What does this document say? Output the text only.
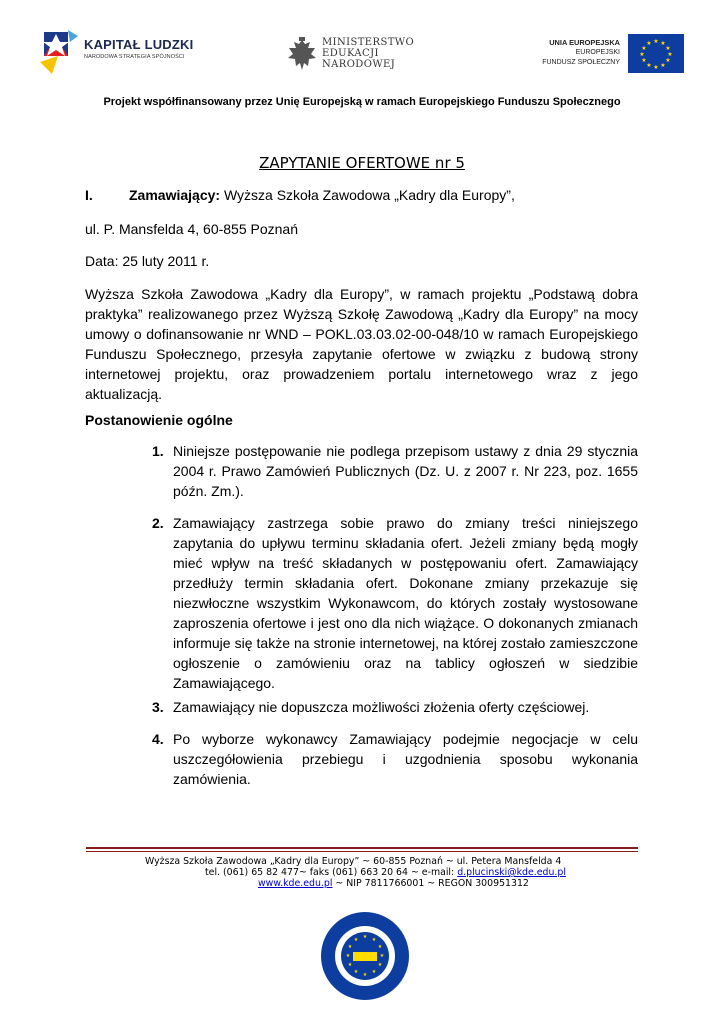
KAPITAŁ LUDZKI
NARODOWA STRATEGIA SPÓJNOŚCI
MINISTERSTWO
EDUKACJI
NARODOWEJ
UNIA EUROPEJSKA
EUROPEJSKI
FUNDUSZ SPOŁECZNY
★ ★
★
★
★
★
★
★
★
★
★
★
Projekt współfinansowany przez Unię Europejską w ramach Europejskiego Funduszu Społecznego
ZAPYTANIE OFERTOWE nr 5
I.	Zamawiający: Wyższa Szkoła Zawodowa „Kadry dla Europy”,
ul. P. Mansfelda 4, 60-855 Poznań
Data: 25 luty 2011 r.
Wyższa Szkoła Zawodowa „Kadry dla Europy”, w ramach projektu „Podstawą dobra praktyka” realizowanego przez Wyższą Szkołę Zawodową „Kadry dla Europy” na mocy umowy o dofinansowanie nr WND – POKL.03.03.02-00-048/10 w ramach Europejskiego Funduszu Społecznego, przesyła zapytanie ofertowe w związku z budową strony internetowej projektu, oraz prowadzeniem portalu internetowego wraz z jego aktualizacją.
Postanowienie ogólne
1. Niniejsze postępowanie nie podlega przepisom ustawy z dnia 29 stycznia 2004 r. Prawo Zamówień Publicznych (Dz. U. z 2007 r. Nr 223, poz. 1655 późn. Zm.).
2. Zamawiający zastrzega sobie prawo do zmiany treści niniejszego zapytania do upływu terminu składania ofert. Jeżeli zmiany będą mogły mieć wpływ na treść składanych w postępowaniu ofert. Zamawiający przedłuży termin składania ofert. Dokonane zmiany przekazuje się niezwłoczne wszystkim Wykonawcom, do których zostały wystosowane zaproszenia ofertowe i jest ono dla nich wiążące. O dokonanych zmianach informuje się także na stronie internetowej, na której zostało zamieszczone ogłoszenie o zamówieniu oraz na tablicy ogłoszeń w siedzibie Zamawiającego.
3. Zamawiający nie dopuszcza możliwości złożenia oferty częściowej.
4. Po wyborze wykonawcy Zamawiający podejmie negocjacje w celu uszczegółowienia przebiegu i uzgodnienia sposobu wykonania zamówienia.
Wyższa Szkoła Zawodowa „Kadry dla Europy” ~ 60-855 Poznań ~ ul. Petera Mansfelda 4
tel. (061) 65 82 477~ faks (061) 663 20 64 ~ e-mail: d.plucinski@kde.edu.pl
www.kde.edu.pl ~ NIP 7811766001 ~ REGON 300951312
★ ★
★
★
★
★
★
★
★
★
★
★
